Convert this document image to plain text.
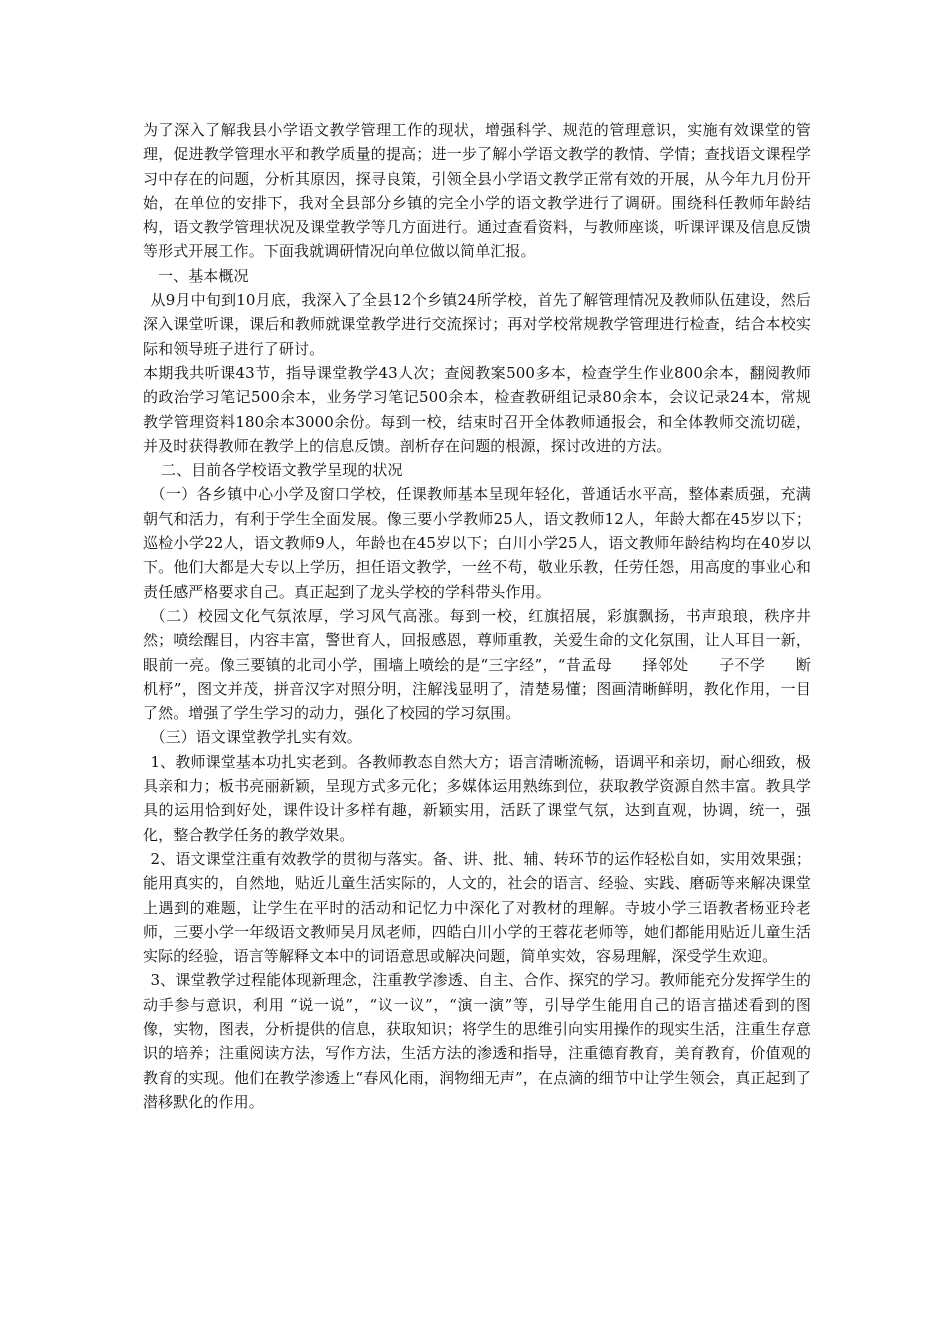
为了深入了解我县小学语文教学管理工作的现状，增强科学、规范的管理意识，实施有效课堂的管理，促进教学管理水平和教学质量的提高；进一步了解小学语文教学的教情、学情；查找语文课程学习中存在的问题，分析其原因，探寻良策，引领全县小学语文教学正常有效的开展，从今年九月份开始，在单位的安排下，我对全县部分乡镇的完全小学的语文教学进行了调研。围绕科任教师年龄结构，语文教学管理状况及课堂教学等几方面进行。通过查看资料，与教师座谈，听课评课及信息反馈等形式开展工作。下面我就调研情况向单位做以简单汇报。

一、基本概况

从9月中旬到10月底，我深入了全县12个乡镇24所学校，首先了解管理情况及教师队伍建设，然后深入课堂听课，课后和教师就课堂教学进行交流探讨；再对学校常规教学管理进行检查，结合本校实际和领导班子进行了研讨。

本期我共听课43节，指导课堂教学43人次；查阅教案500多本，检查学生作业800余本，翻阅教师的政治学习笔记500余本，业务学习笔记500余本，检查教研组记录80余本，会议记录24本，常规教学管理资料180余本3000余份。每到一校，结束时召开全体教师通报会，和全体教师交流切磋，并及时获得教师在教学上的信息反馈。剖析存在问题的根源，探讨改进的方法。

二、目前各学校语文教学呈现的状况

（一）各乡镇中心小学及窗口学校，任课教师基本呈现年轻化，普通话水平高，整体素质强，充满朝气和活力，有利于学生全面发展。像三要小学教师25人，语文教师12人，年龄大都在45岁以下；巡检小学22人，语文教师9人，年龄也在45岁以下；白川小学25人，语文教师年龄结构均在40岁以下。他们大都是大专以上学历，担任语文教学，一丝不苟，敬业乐教，任劳任怨，用高度的事业心和责任感严格要求自己。真正起到了龙头学校的学科带头作用。

（二）校园文化气氛浓厚，学习风气高涨。每到一校，红旗招展，彩旗飘扬，书声琅琅，秩序井然；喷绘醒目，内容丰富，警世育人，回报感恩，尊师重教，关爱生命的文化氛围，让人耳目一新，眼前一亮。像三要镇的北司小学，围墙上喷绘的是“三字经”，“昔孟母　　择邻处　　子不学　　断机杼”，图文并茂，拼音汉字对照分明，注解浅显明了，清楚易懂；图画清晰鲜明，教化作用，一目了然。增强了学生学习的动力，强化了校园的学习氛围。

（三）语文课堂教学扎实有效。

1、教师课堂基本功扎实老到。各教师教态自然大方；语言清晰流畅，语调平和亲切，耐心细致，极具亲和力；板书亮丽新颖，呈现方式多元化；多媒体运用熟练到位，获取教学资源自然丰富。教具学具的运用恰到好处，课件设计多样有趣，新颖实用，活跃了课堂气氛，达到直观，协调，统一，强化，整合教学任务的教学效果。

2、语文课堂注重有效教学的贯彻与落实。备、讲、批、辅、转环节的运作轻松自如，实用效果强；能用真实的，自然地，贴近儿童生活实际的，人文的，社会的语言、经验、实践、磨砺等来解决课堂上遇到的难题，让学生在平时的活动和记忆力中深化了对教材的理解。寺坡小学三语教者杨亚玲老师，三要小学一年级语文教师吴月凤老师，四皓白川小学的王蓉花老师等，她们都能用贴近儿童生活实际的经验，语言等解释文本中的词语意思或解决问题，简单实效，容易理解，深受学生欢迎。

3、课堂教学过程能体现新理念，注重教学渗透、自主、合作、探究的学习。教师能充分发挥学生的动手参与意识，利用 “说一说”，“议一议”，“演一演”等，引导学生能用自己的语言描述看到的图像，实物，图表，分析提供的信息，获取知识；将学生的思维引向实用操作的现实生活，注重生存意识的培养；注重阅读方法，写作方法，生活方法的渗透和指导，注重德育教育，美育教育，价值观的教育的实现。他们在教学渗透上“春风化雨，润物细无声”，在点滴的细节中让学生领会，真正起到了潜移默化的作用。
